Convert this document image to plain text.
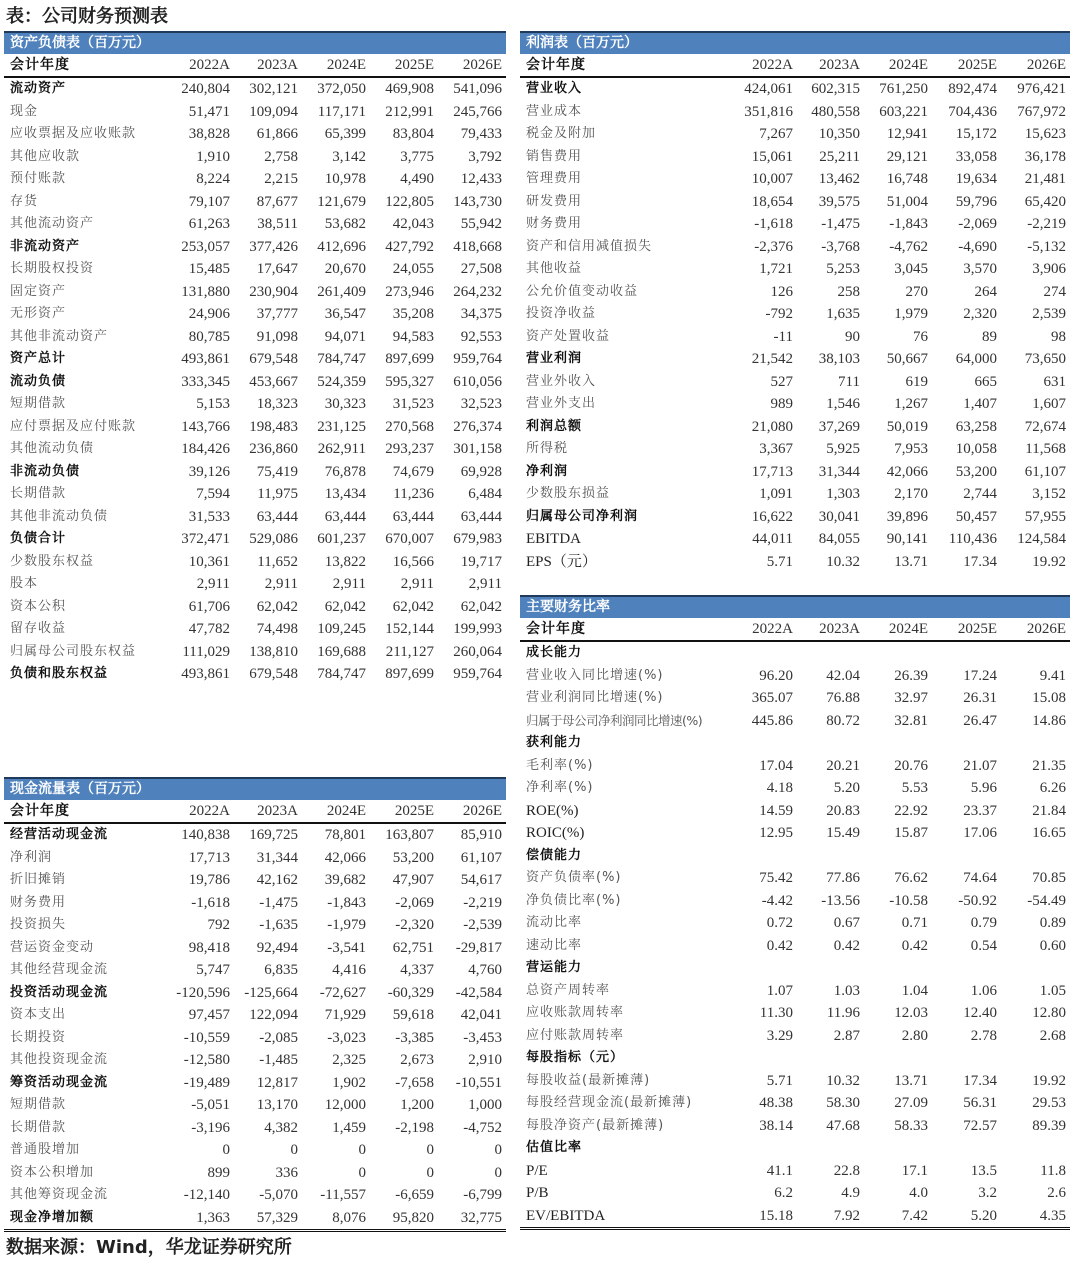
表：公司财务预测表
资产负债表（百万元）
会计年度	2022A	2023A	2024E	2025E	2026E
流动资产	240,804	302,121	372,050	469,908	541,096
现金	51,471	109,094	117,171	212,991	245,766
应收票据及应收账款	38,828	61,866	65,399	83,804	79,433
其他应收款	1,910	2,758	3,142	3,775	3,792
预付账款	8,224	2,215	10,978	4,490	12,433
存货	79,107	87,677	121,679	122,805	143,730
其他流动资产	61,263	38,511	53,682	42,043	55,942
非流动资产	253,057	377,426	412,696	427,792	418,668
长期股权投资	15,485	17,647	20,670	24,055	27,508
固定资产	131,880	230,904	261,409	273,946	264,232
无形资产	24,906	37,777	36,547	35,208	34,375
其他非流动资产	80,785	91,098	94,071	94,583	92,553
资产总计	493,861	679,548	784,747	897,699	959,764
流动负债	333,345	453,667	524,359	595,327	610,056
短期借款	5,153	18,323	30,323	31,523	32,523
应付票据及应付账款	143,766	198,483	231,125	270,568	276,374
其他流动负债	184,426	236,860	262,911	293,237	301,158
非流动负债	39,126	75,419	76,878	74,679	69,928
长期借款	7,594	11,975	13,434	11,236	6,484
其他非流动负债	31,533	63,444	63,444	63,444	63,444
负债合计	372,471	529,086	601,237	670,007	679,983
少数股东权益	10,361	11,652	13,822	16,566	19,717
股本	2,911	2,911	2,911	2,911	2,911
资本公积	61,706	62,042	62,042	62,042	62,042
留存收益	47,782	74,498	109,245	152,144	199,993
归属母公司股东权益	111,029	138,810	169,688	211,127	260,064
负债和股东权益	493,861	679,548	784,747	897,699	959,764
利润表（百万元）
会计年度	2022A	2023A	2024E	2025E	2026E
营业收入	424,061	602,315	761,250	892,474	976,421
营业成本	351,816	480,558	603,221	704,436	767,972
税金及附加	7,267	10,350	12,941	15,172	15,623
销售费用	15,061	25,211	29,121	33,058	36,178
管理费用	10,007	13,462	16,748	19,634	21,481
研发费用	18,654	39,575	51,004	59,796	65,420
财务费用	-1,618	-1,475	-1,843	-2,069	-2,219
资产和信用减值损失	-2,376	-3,768	-4,762	-4,690	-5,132
其他收益	1,721	5,253	3,045	3,570	3,906
公允价值变动收益	126	258	270	264	274
投资净收益	-792	1,635	1,979	2,320	2,539
资产处置收益	-11	90	76	89	98
营业利润	21,542	38,103	50,667	64,000	73,650
营业外收入	527	711	619	665	631
营业外支出	989	1,546	1,267	1,407	1,607
利润总额	21,080	37,269	50,019	63,258	72,674
所得税	3,367	5,925	7,953	10,058	11,568
净利润	17,713	31,344	42,066	53,200	61,107
少数股东损益	1,091	1,303	2,170	2,744	3,152
归属母公司净利润	16,622	30,041	39,896	50,457	57,955
EBITDA	44,011	84,055	90,141	110,436	124,584
EPS（元）	5.71	10.32	13.71	17.34	19.92
现金流量表（百万元）
会计年度	2022A	2023A	2024E	2025E	2026E
经营活动现金流	140,838	169,725	78,801	163,807	85,910
净利润	17,713	31,344	42,066	53,200	61,107
折旧摊销	19,786	42,162	39,682	47,907	54,617
财务费用	-1,618	-1,475	-1,843	-2,069	-2,219
投资损失	792	-1,635	-1,979	-2,320	-2,539
营运资金变动	98,418	92,494	-3,541	62,751	-29,817
其他经营现金流	5,747	6,835	4,416	4,337	4,760
投资活动现金流	-120,596 -125,664	-72,627	-60,329	-42,584
资本支出	97,457	122,094	71,929	59,618	42,041
长期投资	-10,559	-2,085	-3,023	-3,385	-3,453
其他投资现金流	-12,580	-1,485	2,325	2,673	2,910
筹资活动现金流	-19,489	12,817	1,902	-7,658	-10,551
短期借款	-5,051	13,170	12,000	1,200	1,000
长期借款	-3,196	4,382	1,459	-2,198	-4,752
普通股增加	0	0	0	0	0
资本公积增加	899	336	0	0	0
其他筹资现金流	-12,140	-5,070	-11,557	-6,659	-6,799
现金净增加额	1,363	57,329	8,076	95,820	32,775
主要财务比率
会计年度	2022A	2023A	2024E	2025E	2026E
成长能力
营业收入同比增速(%)	96.20	42.04	26.39	17.24	9.41
营业利润同比增速(%)	365.07	76.88	32.97	26.31	15.08
归属于母公司净利润同比增速(%)	445.86	80.72	32.81	26.47	14.86
获利能力
毛利率(%)	17.04	20.21	20.76	21.07	21.35
净利率(%)	4.18	5.20	5.53	5.96	6.26
ROE(%)	14.59	20.83	22.92	23.37	21.84
ROIC(%)	12.95	15.49	15.87	17.06	16.65
偿债能力
资产负债率(%)	75.42	77.86	76.62	74.64	70.85
净负债比率(%)	-4.42	-13.56	-10.58	-50.92	-54.49
流动比率	0.72	0.67	0.71	0.79	0.89
速动比率	0.42	0.42	0.42	0.54	0.60
营运能力
总资产周转率	1.07	1.03	1.04	1.06	1.05
应收账款周转率	11.30	11.96	12.03	12.40	12.80
应付账款周转率	3.29	2.87	2.80	2.78	2.68
每股指标（元）
每股收益(最新摊薄)	5.71	10.32	13.71	17.34	19.92
每股经营现金流(最新摊薄)	48.38	58.30	27.09	56.31	29.53
每股净资产(最新摊薄)	38.14	47.68	58.33	72.57	89.39
估值比率
P/E	41.1	22.8	17.1	13.5	11.8
P/B	6.2	4.9	4.0	3.2	2.6
EV/EBITDA	15.18	7.92	7.42	5.20	4.35
数据来源：Wind，华龙证券研究所
